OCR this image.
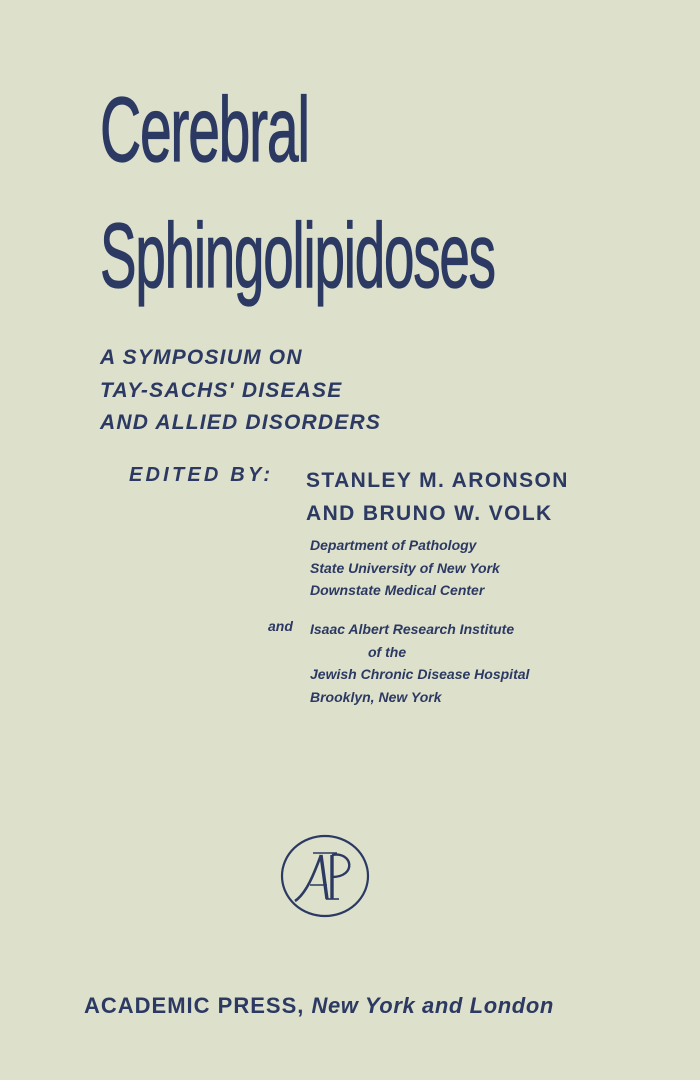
Cerebral
Sphingolipidoses
A SYMPOSIUM ON
TAY-SACHS' DISEASE
AND ALLIED DISORDERS
EDITED BY: STANLEY M. ARONSON
AND BRUNO W. VOLK
Department of Pathology
State University of New York
Downstate Medical Center
and Isaac Albert Research Institute
of the
Jewish Chronic Disease Hospital
Brooklyn, New York
ACADEMIC PRESS, New York and London
